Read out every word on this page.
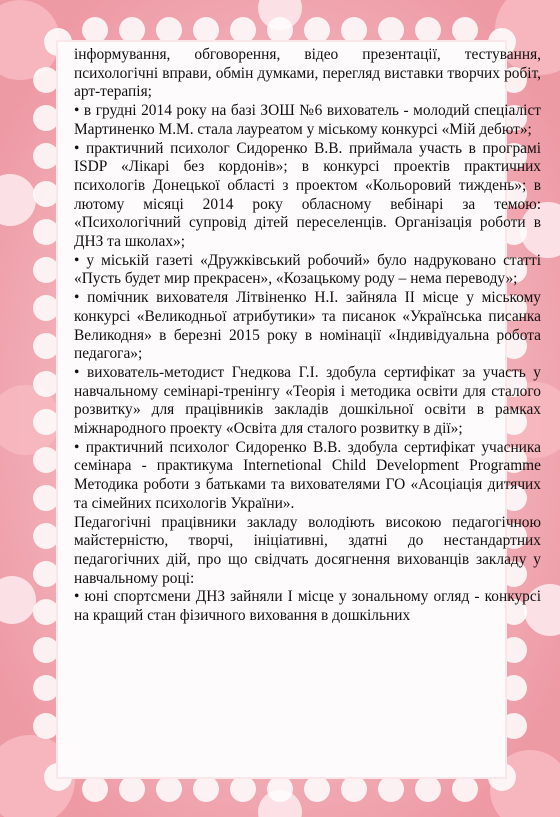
інформування, обговорення, відео презентації, тестування, психологічні вправи, обмін думками, перегляд виставки творчих робіт, арт-терапія;

• в грудні 2014 року на базі ЗОШ №6 вихователь - молодий спеціаліст Мартиненко М.М. стала лауреатом у міському конкурсі «Мій дебют»;

• практичний психолог Сидоренко В.В. приймала участь в програмі ISDP «Лікарі без кордонів»; в конкурсі проектів практичних психологів Донецької області з проектом «Кольоровий тиждень»; в лютому місяці 2014 року обласному вебінарі за темою: «Психологічний супровід дітей переселенців. Організація роботи в ДНЗ та школах»;

• у міській газеті «Дружківський робочий» було надруковано статті «Пусть будет мир прекрасен», «Козацькому роду – нема переводу»;

• помічник вихователя Літвіненко Н.І. зайняла ІІ місце у міському конкурсі «Великодньої атрибутики» та писанок «Українська писанка Великодня» в березні 2015 року в номінації «Індивідуальна робота педагога»;

• вихователь-методист Гнедкова Г.І. здобула сертифікат за участь у навчальному семінарі-тренінгу «Теорія і методика освіти для сталого розвитку» для працівників закладів дошкільної освіти в рамках міжнародного проекту «Освіта для сталого розвитку в дії»;

• практичний психолог Сидоренко В.В. здобула сертифікат учасника семінара - практикума Internetional Child Development Programme Методика роботи з батьками та вихователями ГО «Асоціація дитячих та сімейних психологів України».

Педагогічні працівники закладу володіють високою педагогічною майстерністю, творчі, ініціативні, здатні до нестандартних педагогічних дій, про що свідчать досягнення вихованців закладу у навчальному році:

• юні спортсмени ДНЗ зайняли І місце у зональному огляд - конкурсі на кращий стан фізичного виховання в дошкільних
